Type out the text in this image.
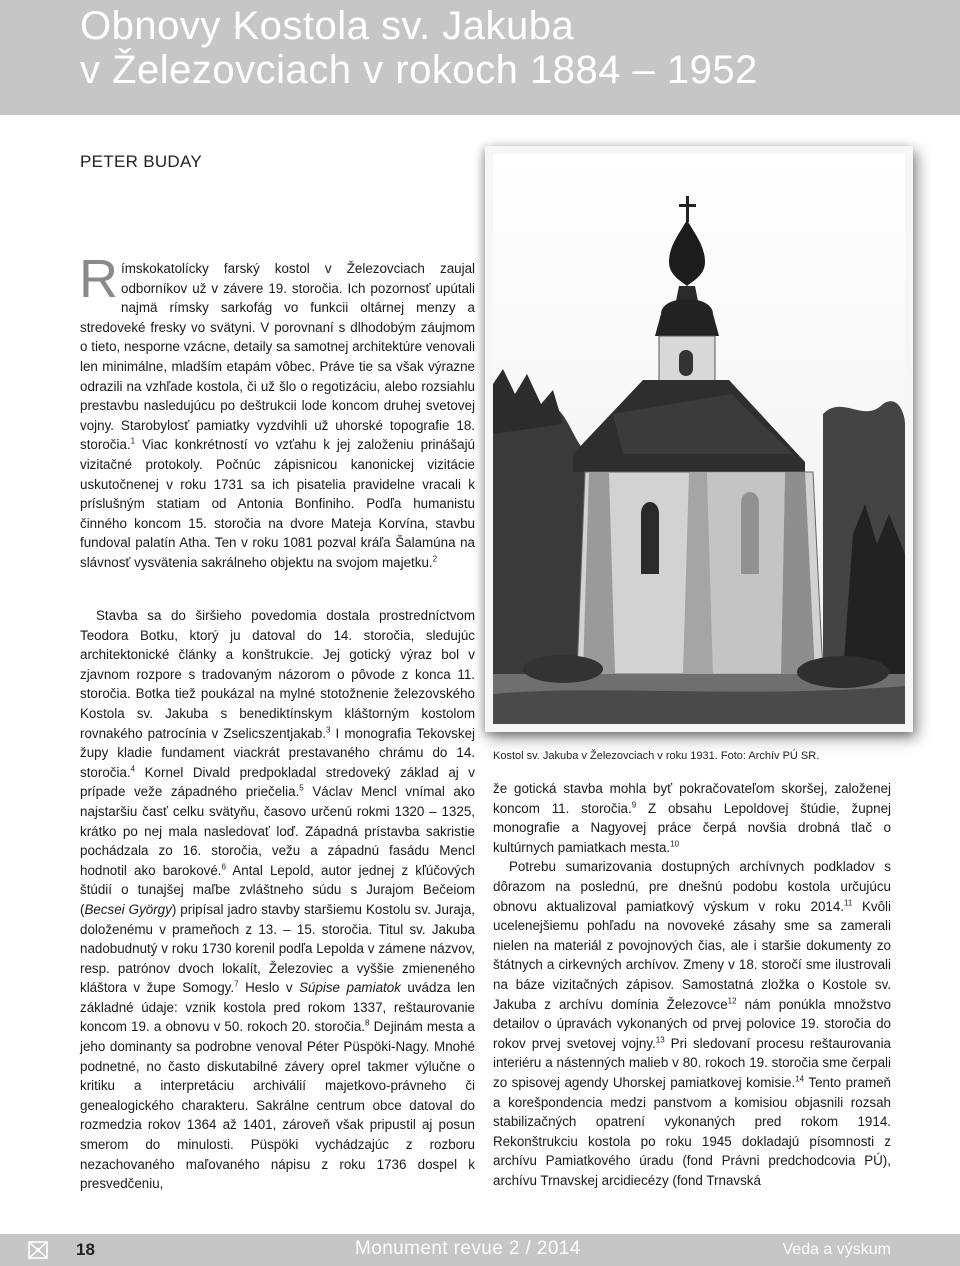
Obnovy Kostola sv. Jakuba
v Železovciach v rokoch 1884 – 1952
PETER BUDAY

Rímskokatolícky farský kostol v Železovciach zaujal odborníkov už v závere 19. storočia. Ich pozornosť upútali najmä rímsky sarkofág vo funkcii oltárnej menzy a stredoveké fresky vo svätyni. V porovnaní s dlhodobým záujmom o tieto, nesporne vzácne, detaily sa samotnej architektúre venovali len minimálne, mladším etapám vôbec. Práve tie sa však výrazne odrazili na vzhľade kostola, či už šlo o regotizáciu, alebo rozsiahlu prestavbu nasledujúcu po deštrukcii lode koncom druhej svetovej vojny. Starobylosť pamiatky vyzdvihli už uhorské topografie 18. storočia.$^1$ Viac konkrétností vo vzťahu k jej založeniu prinášajú vizitačné protokoly. Počnúc zápisnicou kanonickej vizitácie uskutočnenej v roku 1731 sa ich pisatelia pravidelne vracali k príslušným statiam od Antonia Bonfiniho. Podľa humanistu činného koncom 15. storočia na dvore Mateja Korvína, stavbu fundoval palatín Atha. Ten v roku 1081 pozval kráľa Šalamúna na slávnosť vysvätenia sakrálneho objektu na svojom majetku.$^2$

Stavba sa do širšieho povedomia dostala prostredníctvom Teodora Botku, ktorý ju datoval do 14. storočia, sledujúc architektonické články a konštrukcie. Jej gotický výraz bol v zjavnom rozpore s tradovaným názorom o pôvode z konca 11. storočia. Botka tiež poukázal na mylné stotožnenie železovského Kostola sv. Jakuba s benediktínskym kláštorným kostolom rovnakého patrocínia v Zselicszentjakab.$^3$ I monografia Tekovskej župy kladie fundament viackrát prestavaného chrámu do 14. storočia.$^4$ Kornel Divald predpokladal stredoveký základ aj v prípade veže západného priečelia.$^5$ Václav Mencl vnímal ako najstaršiu časť celku svätyňu, časovo určenú rokmi 1320 – 1325, krátko po nej mala nasledovať loď. Západná prístavba sakristie pochádzala zo 16. storočia, vežu a západnú fasádu Mencl hodnotil ako barokové.$^6$ Antal Lepold, autor jednej z kľúčových štúdií o tunajšej maľbe zvláštneho súdu s Jurajom Bečeiom (Becsei György) pripísal jadro stavby staršiemu Kostolu sv. Juraja, doloženému v prameňoch z 13. – 15. storočia. Titul sv. Jakuba nadobudnutý v roku 1730 korenil podľa Lepolda v zámene názvov, resp. patrónov dvoch lokalít, Železoviec a vyššie zmieneného kláštora v župe Somogy.$^7$ Heslo v Súpise pamiatok uvádza len základné údaje: vznik kostola pred rokom 1337, reštaurovanie koncom 19. a obnovu v 50. rokoch 20. storočia.$^8$ Dejinám mesta a jeho dominanty sa podrobne venoval Péter Püspöki-Nagy. Mnohé podnetné, no často diskutabilné závery oprel takmer výlučne o kritiku a interpretáciu archiválií majetkovo-právneho či genealogického charakteru. Sakrálne centrum obce datoval do rozmedzia rokov 1364 až 1401, zároveň však pripustil aj posun smerom do minulosti. Püspöki vychádzajúc z rozboru nezachovaného maľovaného nápisu z roku 1736 dospel k presvedčeniu,

Kostol sv. Jakuba v Železovciach v roku 1931. Foto: Archív PÚ SR.

že gotická stavba mohla byť pokračovateľom skoršej, založenej koncom 11. storočia.$^9$ Z obsahu Lepoldovej štúdie, župnej monografie a Nagyovej práce čerpá novšia drobná tlač o kultúrnych pamiatkach mesta.$^{10}$

Potrebu sumarizovania dostupných archívnych podkladov s dôrazom na poslednú, pre dnešnú podobu kostola určujúcu obnovu aktualizoval pamiatkový výskum v roku 2014.11 Kvôli ucelenejšiemu pohľadu na novoveké zásahy sme sa zamerali nielen na materiál z povojnových čias, ale i staršie dokumenty zo štátnych a cirkevných archívov. Zmeny v 18. storočí sme ilustrovali na báze vizitačných zápisov. Samostatná zložka o Kostole sv. Jakuba z archívu domínia Železovce$^{12}$ nám ponúkla množstvo detailov o úpravách vykonaných od prvej polovice 19. storočia do rokov prvej svetovej vojny.$^{13}$ Pri sledovaní procesu reštaurovania interiéru a nástenných malieb v 80. rokoch 19. storočia sme čerpali zo spisovej agendy Uhorskej pamiatkovej komisie.$^{14}$ Tento prameň a korešpondencia medzi panstvom a komisiou objasnili rozsah stabilizačných opatrení vykonaných pred rokom 1914. Rekonštrukciu kostola po roku 1945 dokladajú písomnosti z archívu Pamiatkového úradu (fond Právni predchodcovia PÚ), archívu Trnavskej arcidiecézy (fond Trnavská

18	Monument revue 2 / 2014	Veda a výskum
